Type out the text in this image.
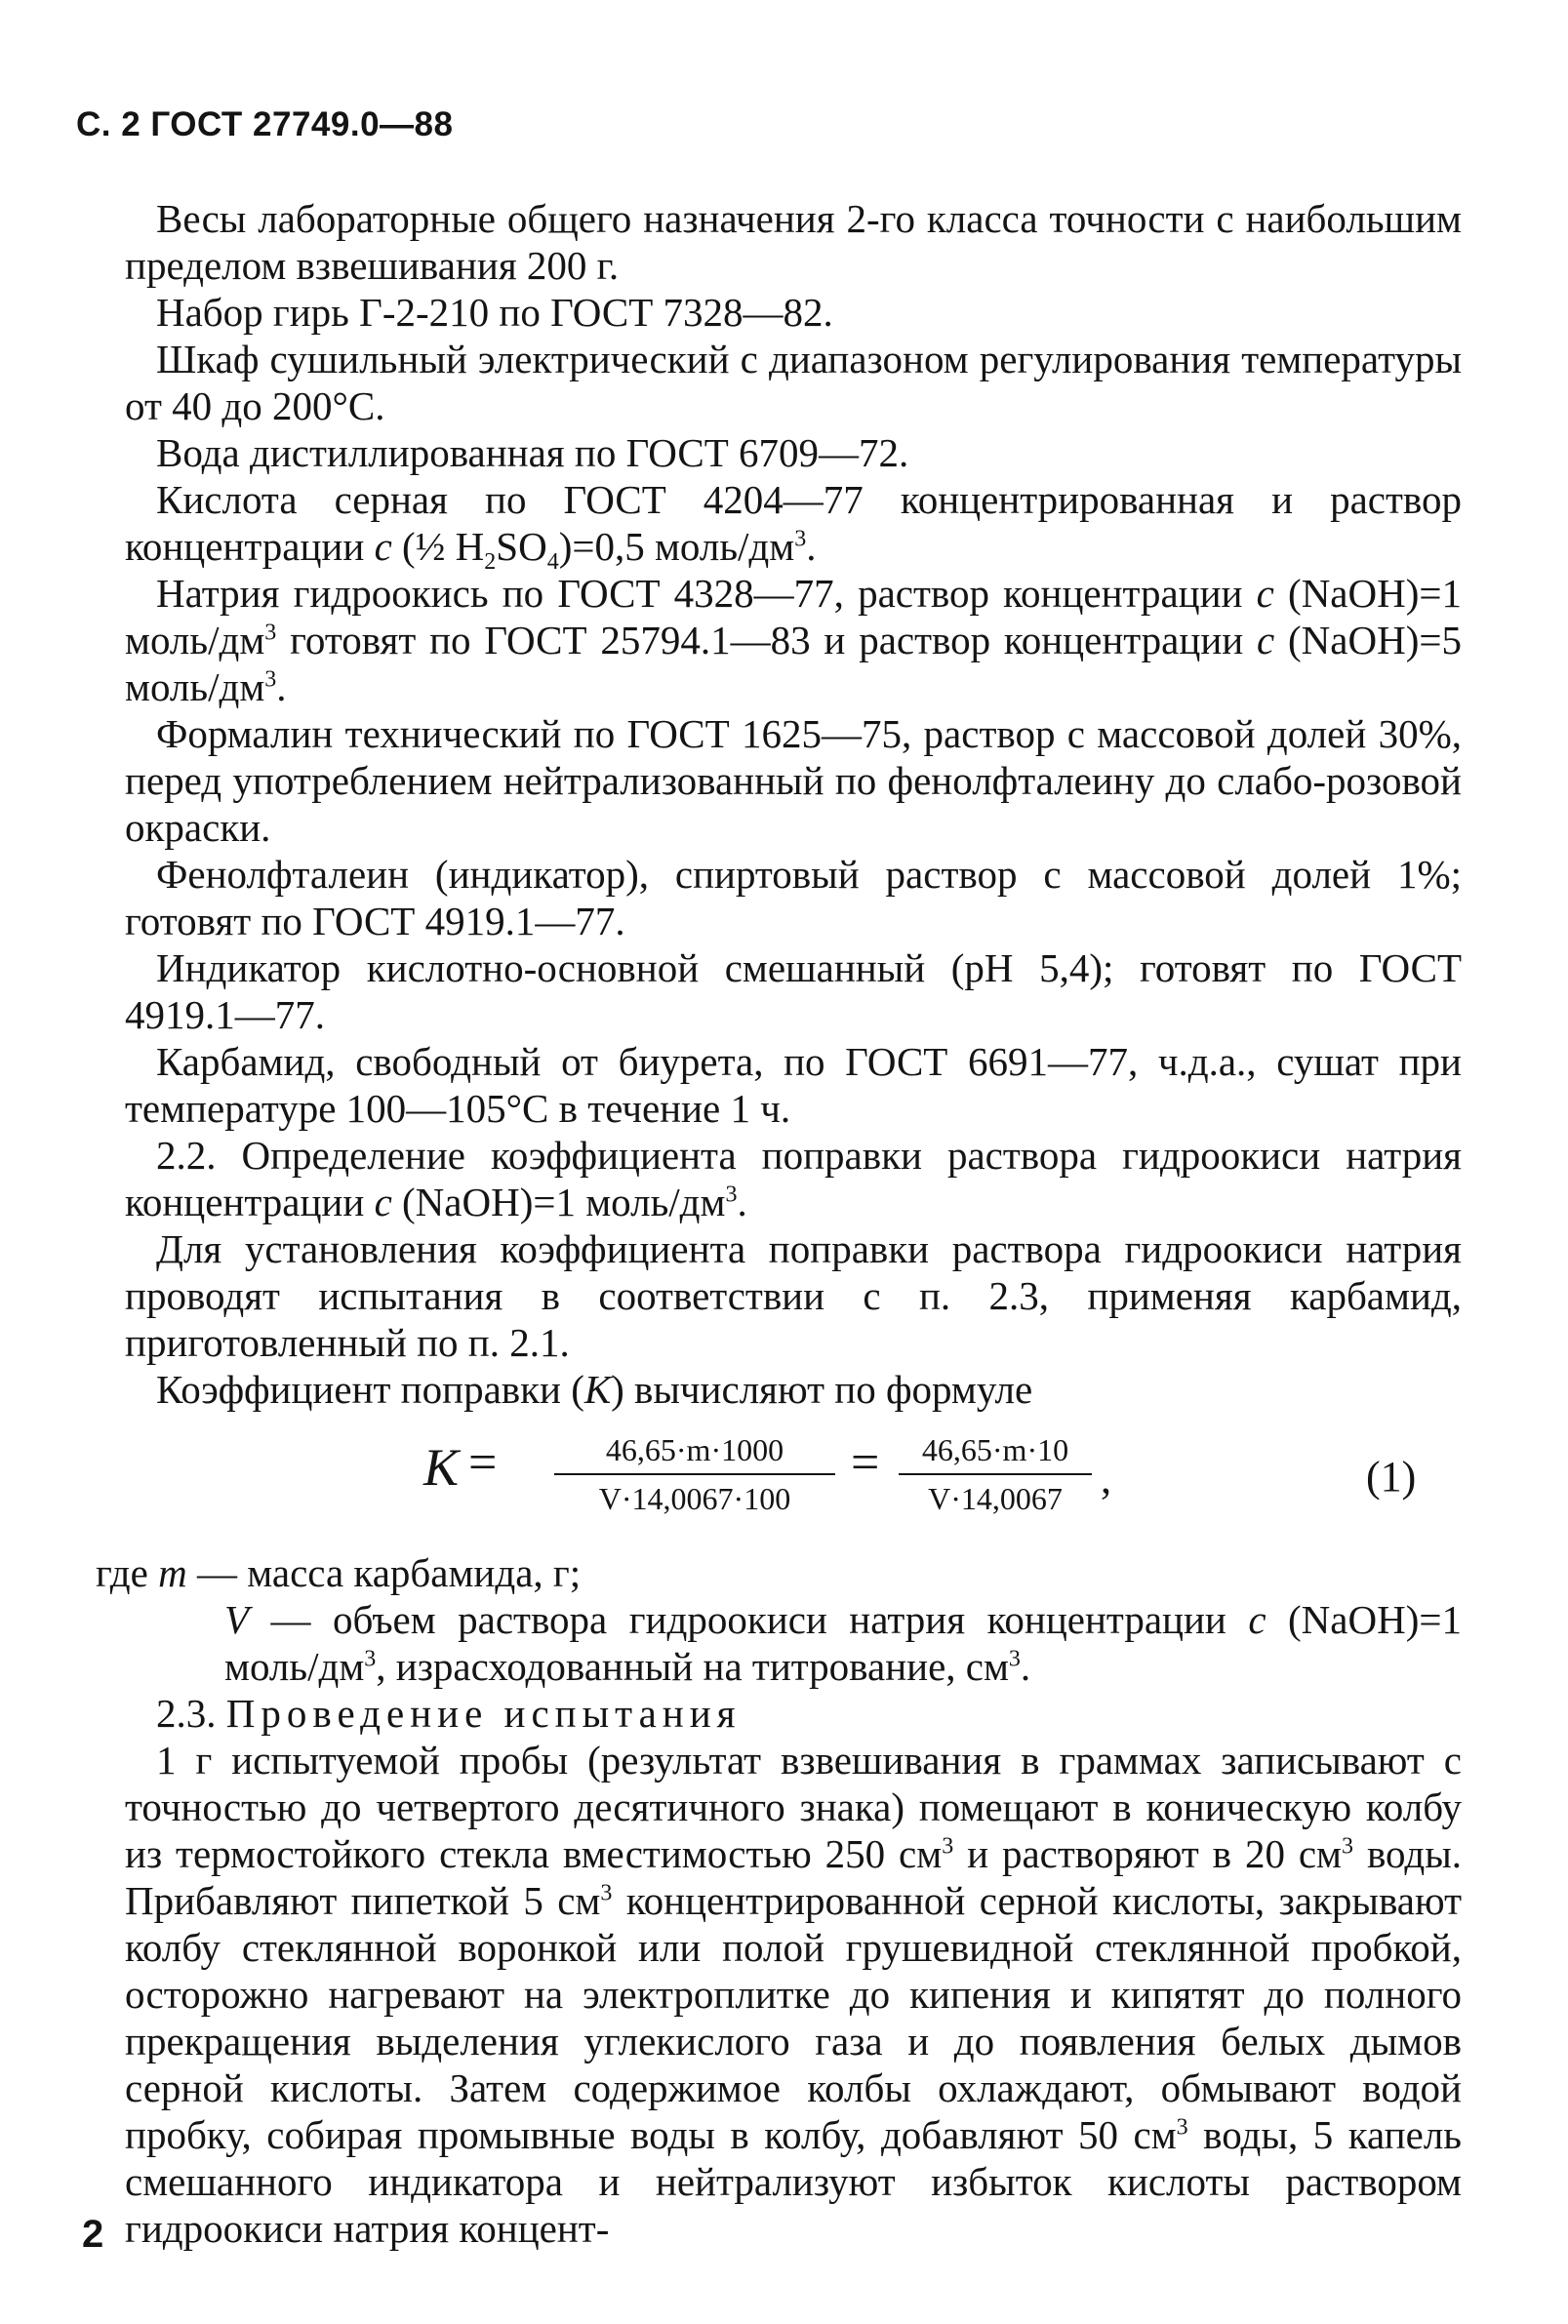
С. 2 ГОСТ 27749.0—88

Весы лабораторные общего назначения 2-го класса точности с наибольшим пределом взвешивания 200 г.

Набор гирь Г-2-210 по ГОСТ 7328—82.

Шкаф сушильный электрический с диапазоном регулирования температуры от 40 до 200°С.

Вода дистиллированная по ГОСТ 6709—72.

Кислота серная по ГОСТ 4204—77 концентрированная и раствор концентрации с (½ $H_2SO_4)=0,5$ моль/$дм^3$.

Натрия гидроокись по ГОСТ 4328—77, раствор концентрации с (NaOH)=1 моль/$дм^3$ готовят по ГОСТ 25794.1—83 и раствор концентрации с (NaOH)=5 моль/$дм^3$.

Формалин технический по ГОСТ 1625—75, раствор с массовой долей 30%, перед употреблением нейтрализованный по фенолфталеину до слабо-розовой окраски.

Фенолфталеин (индикатор), спиртовый раствор с массовой долей 1%; готовят по ГОСТ 4919.1—77.

Индикатор кислотно-основной смешанный (pH 5,4); готовят по ГОСТ 4919.1—77.

Карбамид, свободный от биурета, по ГОСТ 6691—77, ч.д.а., сушат при температуре 100—105°С в течение 1 ч.

2.2. Определение коэффициента поправки раствора гидроокиси натрия концентрации с (NaOH)=1 моль/$дм^3$.

Для установления коэффициента поправки раствора гидроокиси натрия проводят испытания в соответствии с п. 2.3, применяя карбамид, приготовленный по п. 2.1.

Коэффициент поправки (К) вычисляют по формуле

$К = \frac{46,65\cdot m\cdot 1000}{V\cdot 14,0067\cdot 100} = \frac{46,65\cdot m\cdot 10}{V\cdot 14,0067}$ ,	(1)
где m — масса карбамида, г;
V — объем раствора гидроокиси натрия концентрации с (NaOH)=1 моль/$дм^3$, израсходованный на титрование, $см^3$.

2.3. Проведение испытания

1 г испытуемой пробы (результат взвешивания в граммах записывают с точностью до четвертого десятичного знака) помещают в коническую колбу из термостойкого стекла вместимостью 250 $см^3$ и растворяют в 20 $см^3$ воды. Прибавляют пипеткой 5 $см^3$ концентрированной серной кислоты, закрывают колбу стеклянной воронкой или полой грушевидной стеклянной пробкой, осторожно нагревают на электроплитке до кипения и кипятят до полного прекращения выделения углекислого газа и до появления белых дымов серной кислоты. Затем содержимое колбы охлаждают, обмывают водой пробку, собирая промывные воды в колбу, добавляют 50 $см^3$ воды, 5 капель смешанного индикатора и нейтрализуют избыток кислоты раствором гидроокиси натрия концент-

2
